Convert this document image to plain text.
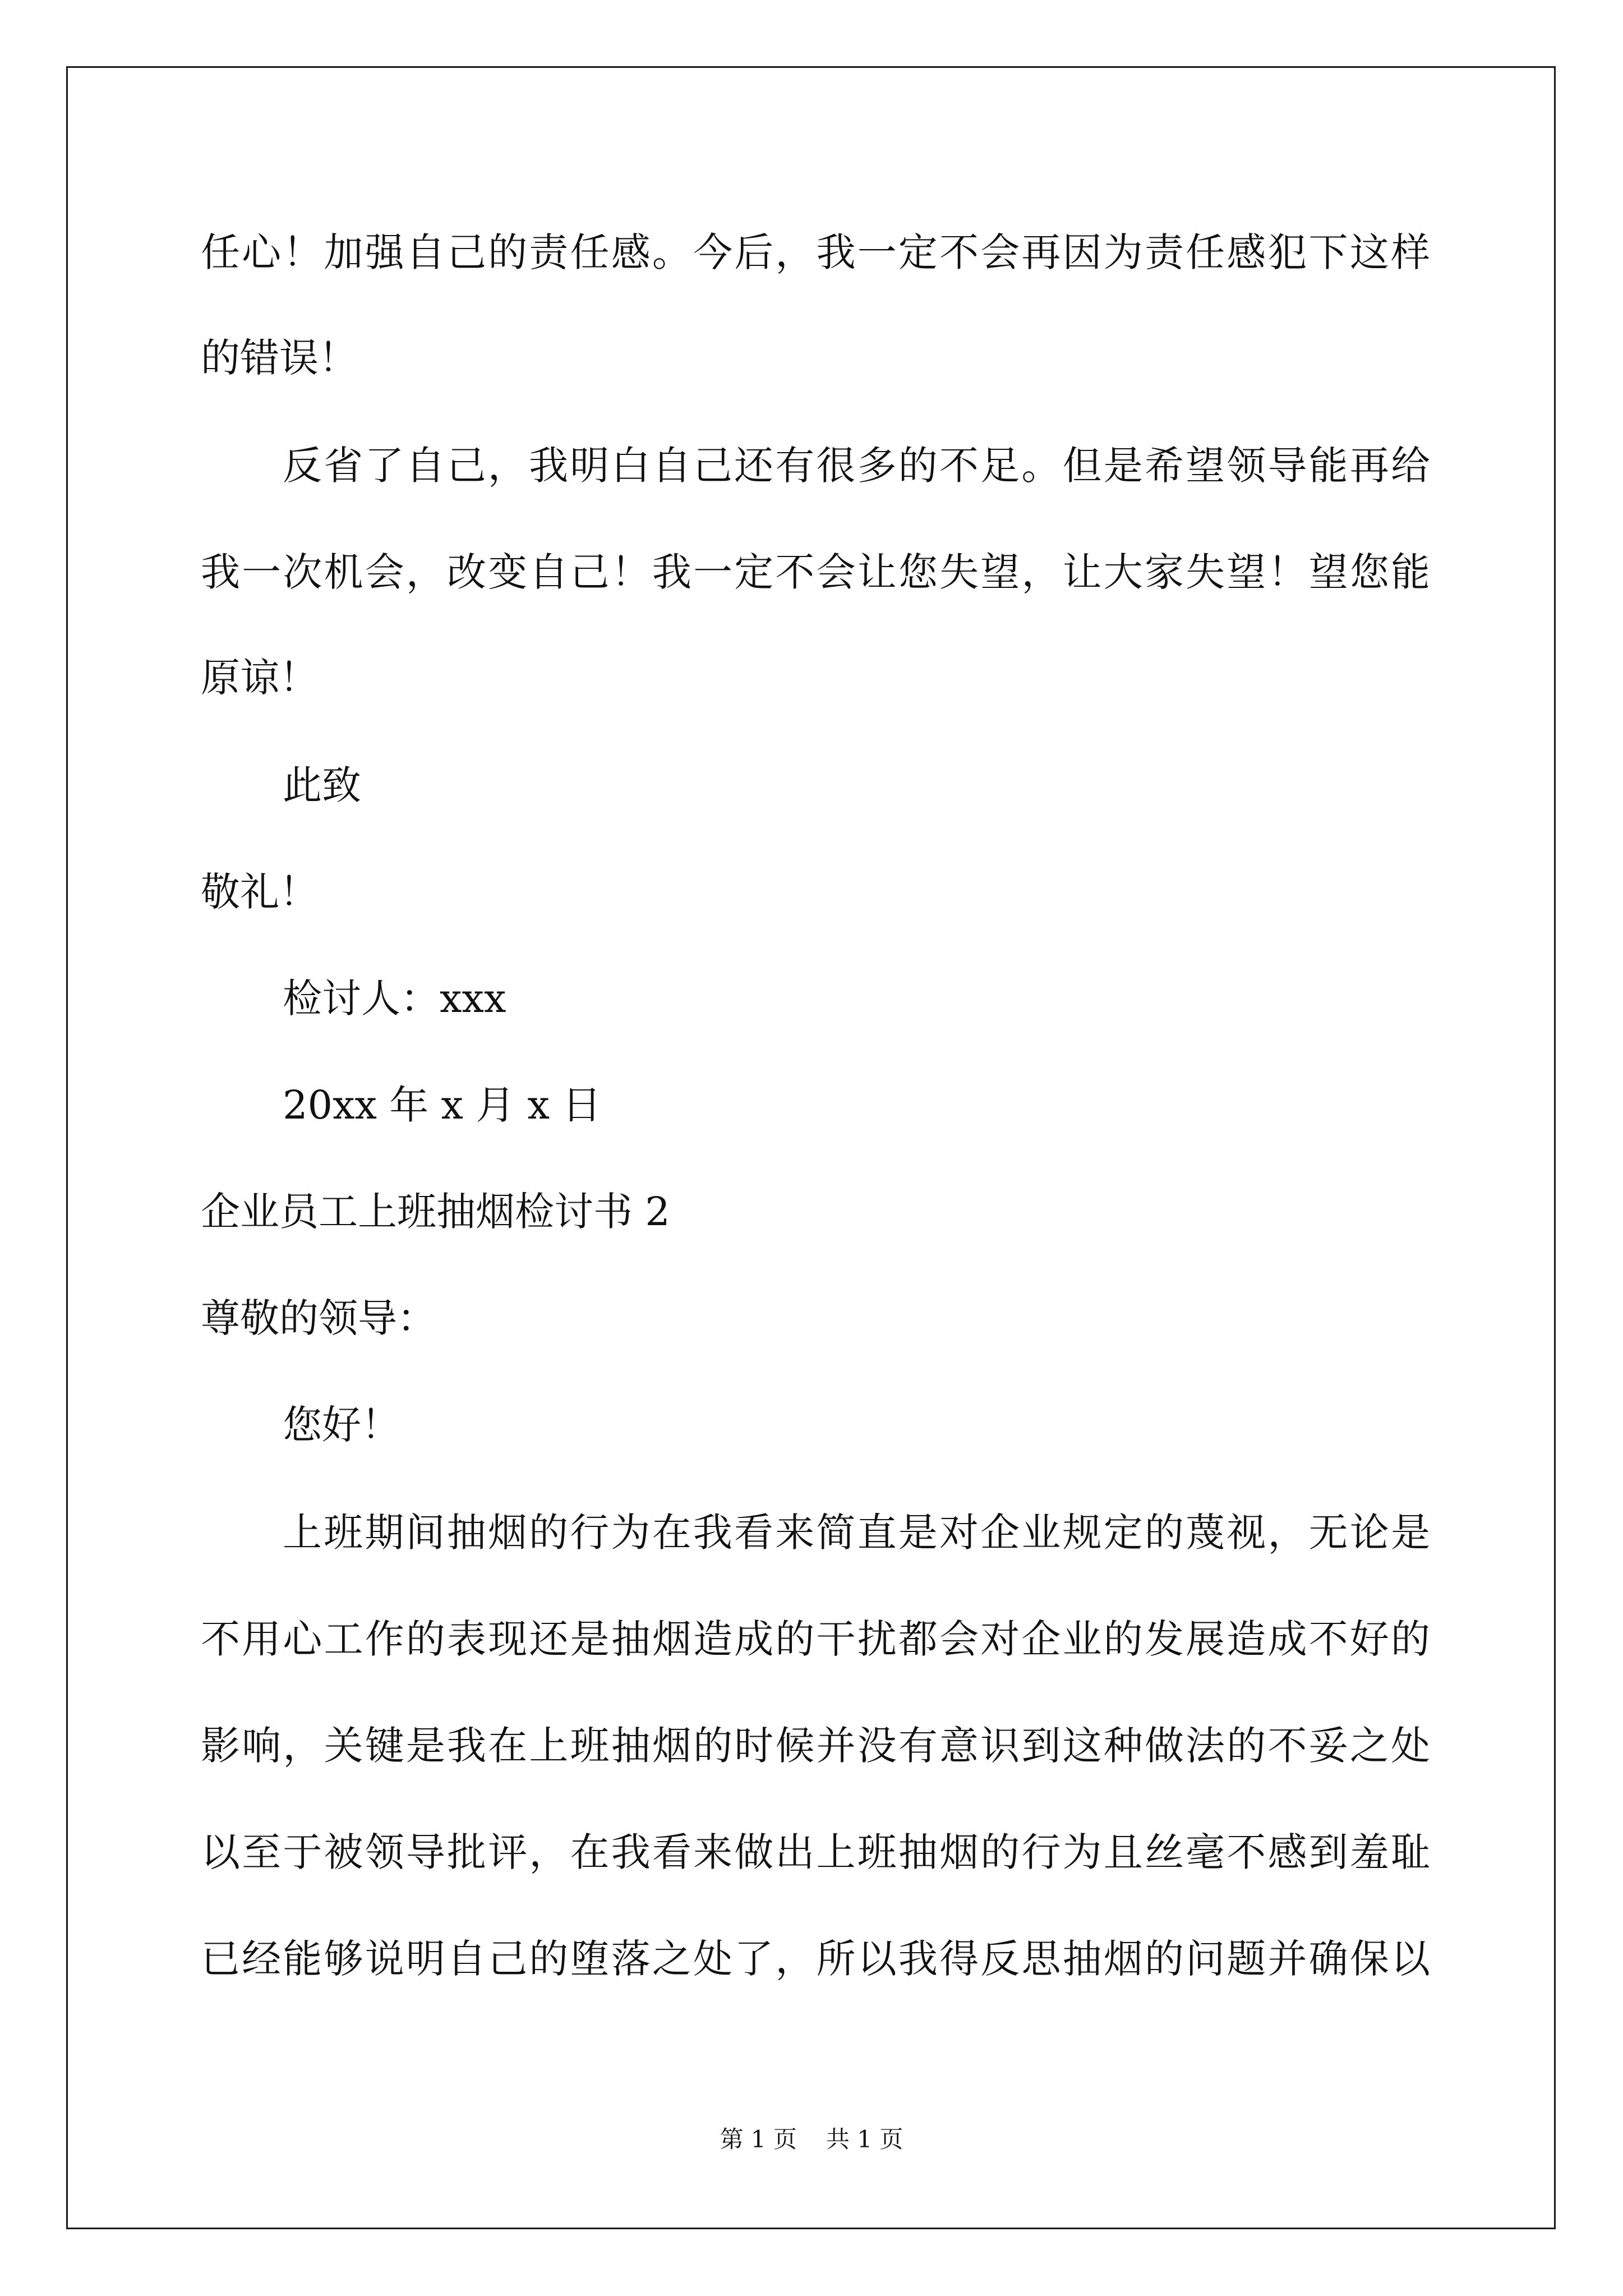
任心！加强自己的责任感。今后，我一定不会再因为责任感犯下这样
的错误！
反省了自己，我明白自己还有很多的不足。但是希望领导能再给
我一次机会，改变自己！我一定不会让您失望，让大家失望！望您能
原谅！
此致
敬礼！
检讨人：xxx
20xx 年 x 月 x 日
企业员工上班抽烟检讨书 2
尊敬的领导：
您好！
上班期间抽烟的行为在我看来简直是对企业规定的蔑视，无论是
不用心工作的表现还是抽烟造成的干扰都会对企业的发展造成不好的
影响，关键是我在上班抽烟的时候并没有意识到这种做法的不妥之处
以至于被领导批评，在我看来做出上班抽烟的行为且丝毫不感到羞耻
已经能够说明自己的堕落之处了，所以我得反思抽烟的问题并确保以
第 1 页 共 1 页
